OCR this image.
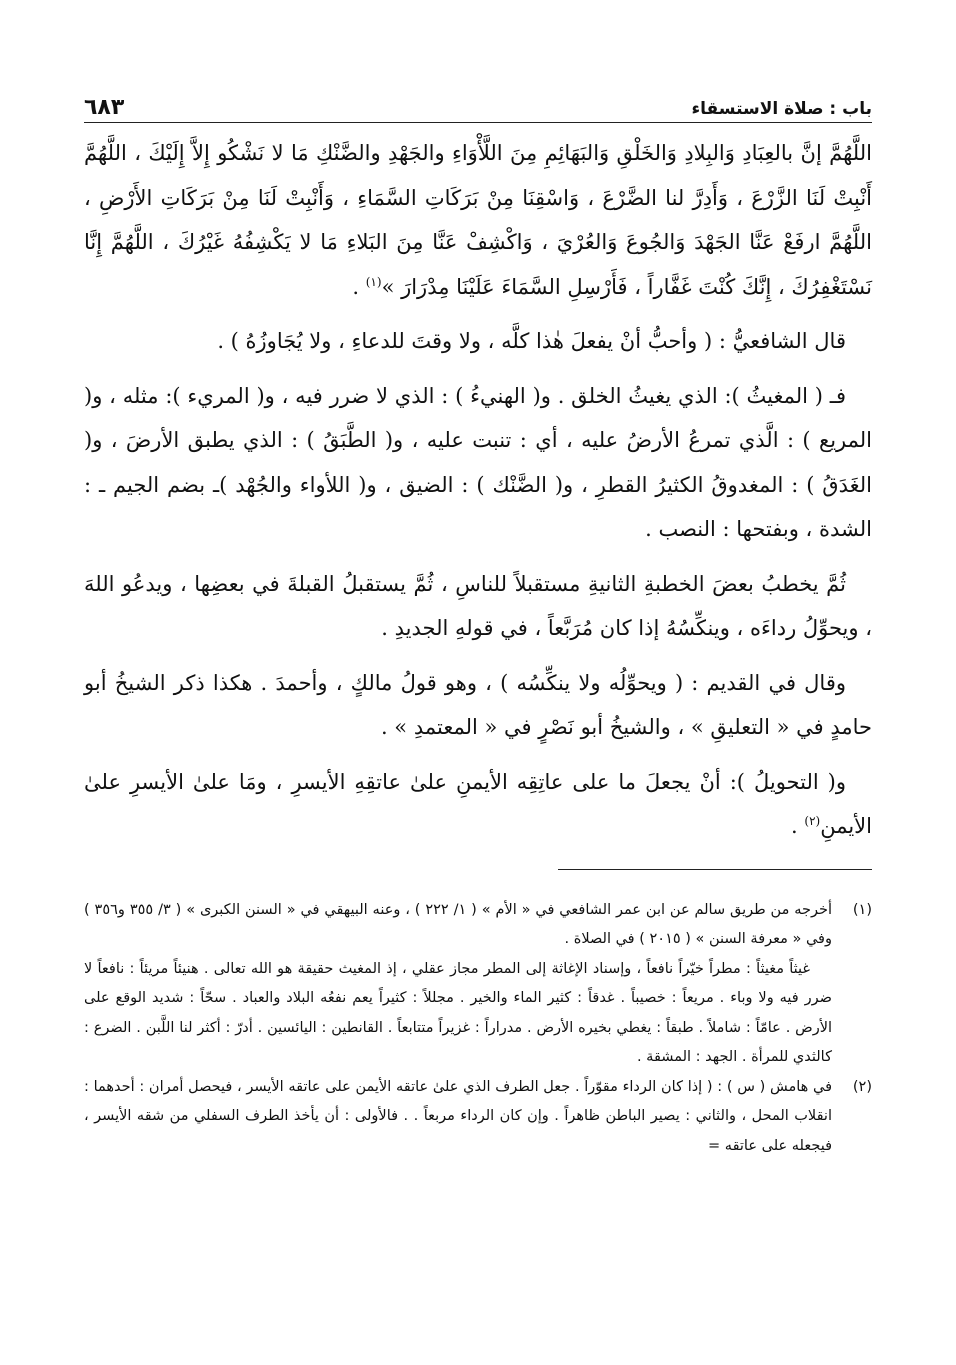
باب : صلاة الاستسقاء
٦٨٣

اللَّهُمَّ إنَّ بالعِبَادِ وَالبِلادِ وَالخَلْقِ وَالبَهَائِمِ مِنَ اللَّأْوَاءِ والجَهْدِ والضَّنْكِ مَا لا نَشْكُو إِلاَّ إِلَيْكَ ، اللَّهُمَّ أَنْبِتْ لَنَا الزَّرْعَ ، وَأَدِرَّ لنا الضَّرْعَ ، وَاسْقِنَا مِنْ بَرَكَاتِ السَّمَاءِ ، وَأَنْبِتْ لَنَا مِنْ بَرَكَاتِ الأَرْضِ ، اللَّهُمَّ ارفَعْ عَنَّا الجَهْدَ وَالجُوعَ وَالعُرْيَ ، وَاكْشِفْ عَنَّا مِنَ البَلاءِ مَا لا يَكْشِفُهُ غَيْرُكَ ، اللَّهُمَّ إِنَّا نَسْتَغْفِرُكَ ، إِنَّكَ كُنْتَ غَفَّاراً ، فَأَرْسِلِ السَّمَاءَ عَلَيْنَا مِدْرَارَ »$^{(١)}$ .

قال الشافعيُّ : ( وأحبُّ أنْ يفعلَ هٰذا كلَّه ، ولا وقتَ للدعاءِ ، ولا يُجَاوزُهُ ) .

فـ ( المغيثُ ): الذي يغيثُ الخلق . و( الهنيءُ ) : الذي لا ضرر فيه ، و( المريء ): مثله ، و( المريع ) : الَّذي تمرعُ الأرضُ عليه ، أي : تنبت عليه ، و( الطَّبَقُ ) : الذي يطبق الأرضَ ، و( الغَدَقُ ) : المغدوقُ الكثيرُ القطرِ ، و( الضَّنْك ) : الضيق ، و( اللأواء والجُهْد )ـ بضم الجيم ـ : الشدة ، وبفتحها : النصب .

ثُمَّ يخطبُ بعضَ الخطبةِ الثانيةِ مستقبلاً للناسِ ، ثُمَّ يستقبلُ القبلةَ في بعضِها ، ويدعُو اللهَ ، ويحوِّلُ رداءَه ، وينكِّسُهُ إذا كان مُرَبَّعاً ، في قولهِ الجديدِ .

وقال في القديم : ( ويحوِّلُه ولا ينكِّسُه ) ، وهو قولُ مالكٍ ، وأحمدَ . هكذا ذكر الشيخُ أبو حامدٍ في « التعليقِ » ، والشيخُ أبو نَصْرٍ في « المعتمدِ » .

و( التحويلُ ): أنْ يجعلَ ما على عاتِقِه الأيمنِ علىٰ عاتقِهِ الأيسرِ ، ومَا علىٰ الأيسرِ علىٰ الأيمنِ$^{(٢)}$ .

(١)

أخرجه من طريق سالم عن ابن عمر الشافعي في « الأم » ( ١/ ٢٢٢ ) ، وعنه البيهقي في « السنن الكبرى » ( ٣/ ٣٥٥ و٣٥٦ ) وفي « معرفة السنن » ( ٢٠١٥ ) في الصلاة .

غيثاً مغيثاً : مطراً خيّراً نافعاً ، وإسناد الإغاثة إلى المطر مجاز عقلي ، إذ المغيث حقيقة هو الله تعالى . هنيئاً مريئاً : نافعاً لا ضرر فيه ولا وباء . مريعاً : خصيباً . غدقاً : كثير الماء والخير . مجللاً : كثيراً يعم نفعُه البلاد والعباد . سحّاً : شديد الوقع على الأرض . عامّاً : شاملاً . طبقاً : يغطي بخيره الأرض . مدراراً : غزيراً متتابعاً . القانطين : اليائسين . أدرّ : أكثر لنا اللَّبن . الضرع : كالثدي للمرأة . الجهد : المشقة .

(٢)

في هامش ( س ) : ( إذا كان الرداء مقوّراً . جعل الطرف الذي علىٰ عاتقه الأيمن على عاتقه الأيسر ، فيحصل أمران : أحدهما : انقلاب المحل ، والثاني : يصير الباطن ظاهراً . وإن كان الرداء مربعاً . . فالأولى : أن يأخذ الطرف السفلي من شقه الأيسر ، فيجعله على عاتقه =
